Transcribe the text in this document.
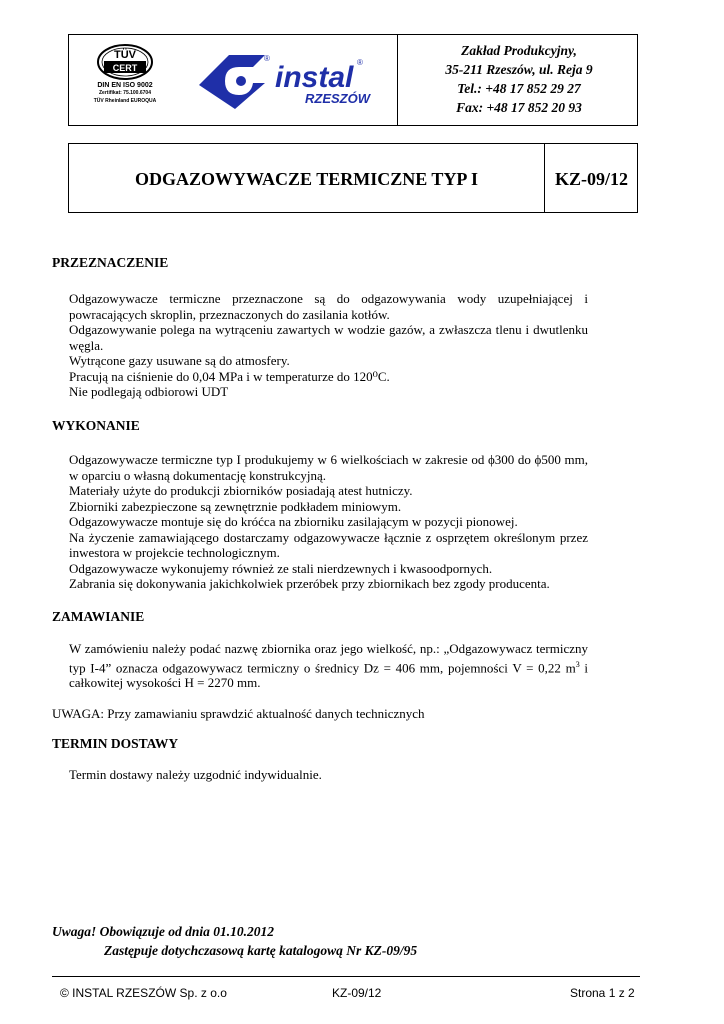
TÜV
CERT
DIN EN ISO 9002
Zertifikat: 75.100.6704
TÜV Rheinland EUROQUA
®
instal ®
RZESZÓW
Zakład Produkcyjny,
35-211 Rzeszów, ul. Reja 9
Tel.: +48 17 852 29 27
Fax: +48 17 852 20 93
ODGAZOWYWACZE TERMICZNE TYP I	KZ-09/12
PRZEZNACZENIE

Odgazowywacze termiczne przeznaczone są do odgazowywania wody uzupełniającej i powracających skroplin, przeznaczonych do zasilania kotłów.

Odgazowywanie polega na wytrąceniu zawartych w wodzie gazów, a zwłaszcza tlenu i dwutlenku węgla.

Wytrącone gazy usuwane są do atmosfery.

Pracują na ciśnienie do 0,04 MPa i w temperaturze do 120⁰C.

Nie podlegają odbiorowi UDT

WYKONANIE

Odgazowywacze termiczne typ I produkujemy w 6 wielkościach w zakresie od ϕ300 do ϕ500 mm, w oparciu o własną dokumentację konstrukcyjną.

Materiały użyte do produkcji zbiorników posiadają atest hutniczy.

Zbiorniki zabezpieczone są zewnętrznie podkładem miniowym.

Odgazowywacze montuje się do króćca na zbiorniku zasilającym w pozycji pionowej.

Na życzenie zamawiającego dostarczamy odgazowywacze łącznie z osprzętem określonym przez inwestora w projekcie technologicznym.

Odgazowywacze wykonujemy również ze stali nierdzewnych i kwasoodpornych.

Zabrania się dokonywania jakichkolwiek przeróbek przy zbiornikach bez zgody producenta.

ZAMAWIANIE

W zamówieniu należy podać nazwę zbiornika oraz jego wielkość, np.: „Odgazowywacz termiczny typ I-4” oznacza odgazowywacz termiczny o średnicy Dz = 406 mm, pojemności V = 0,22 $m^3$ i całkowitej wysokości H = 2270 mm.

UWAGA: Przy zamawianiu sprawdzić aktualność danych technicznych
TERMIN DOSTAWY

Termin dostawy należy uzgodnić indywidualnie.

Uwaga! Obowiązuje od dnia 01.10.2012
Zastępuje dotychczasową kartę katalogową Nr KZ-09/95
© INSTAL RZESZÓW Sp. z o.o	KZ-09/12	Strona 1 z 2
